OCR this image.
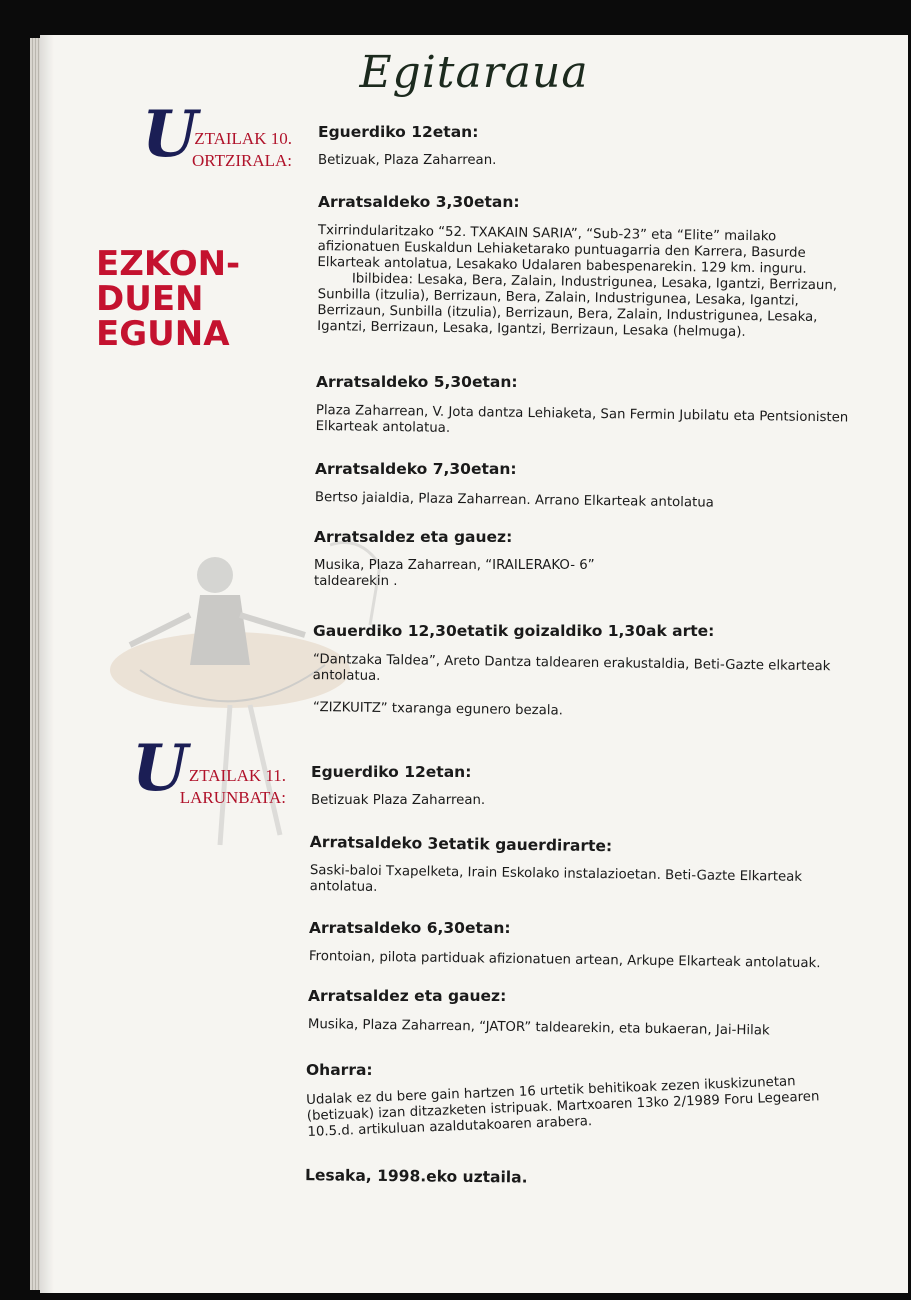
Egitaraua
EZKON-
DUEN
EGUNA
U
ZTAILAK 10.
ORTZIRALA:
U ZTAILAK 11.
LARUNBATA:
Eguerdiko 12etan:
Betizuak, Plaza Zaharrean.
Arratsaldeko 3,30etan:
Txirrindularitzako “52. TXAKAIN SARIA”, “Sub-23” eta “Elite” mailako afizionatuen Euskaldun Lehiaketarako puntuagarria den Karrera, Basurde Elkarteak antolatua, Lesakako Udalaren babespenarekin. 129 km. inguru.
Ibilbidea: Lesaka, Bera, Zalain, Industrigunea, Lesaka, Igantzi, Berrizaun, Sunbilla (itzulia), Berrizaun, Bera, Zalain, Industrigunea, Lesaka, Igantzi, Berrizaun, Sunbilla (itzulia), Berrizaun, Bera, Zalain, Industrigunea, Lesaka, Igantzi, Berrizaun, Lesaka, Igantzi, Berrizaun, Lesaka (helmuga).
Arratsaldeko 5,30etan:
Plaza Zaharrean, V. Jota dantza Lehiaketa, San Fermin Jubilatu eta Pentsionisten Elkarteak antolatua.
Arratsaldeko 7,30etan:
Bertso jaialdia, Plaza Zaharrean. Arrano Elkarteak antolatua
Arratsaldez eta gauez:
Musika, Plaza Zaharrean, “IRAILERAKO- 6” taldearekin .
Gauerdiko 12,30etatik goizaldiko 1,30ak arte:
“Dantzaka Taldea”, Areto Dantza taldearen erakustaldia, Beti-Gazte elkarteak antolatua.
“ZIZKUITZ” txaranga egunero bezala.
Eguerdiko 12etan:
Betizuak Plaza Zaharrean.
Arratsaldeko 3etatik gauerdirarte:
Saski-baloi Txapelketa, Irain Eskolako instalazioetan. Beti-Gazte Elkarteak antolatua.
Arratsaldeko 6,30etan:
Frontoian, pilota partiduak afizionatuen artean, Arkupe Elkarteak antolatuak.
Arratsaldez eta gauez:
Musika, Plaza Zaharrean, “JATOR” taldearekin, eta bukaeran, Jai-Hilak
Oharra:
Udalak ez du bere gain hartzen 16 urtetik behitikoak zezen ikuskizunetan (betizuak) izan ditzazketen istripuak. Martxoaren 13ko 2/1989 Foru Legearen 10.5.d. artikuluan azaldutakoaren arabera.
Lesaka, 1998.eko uztaila.
